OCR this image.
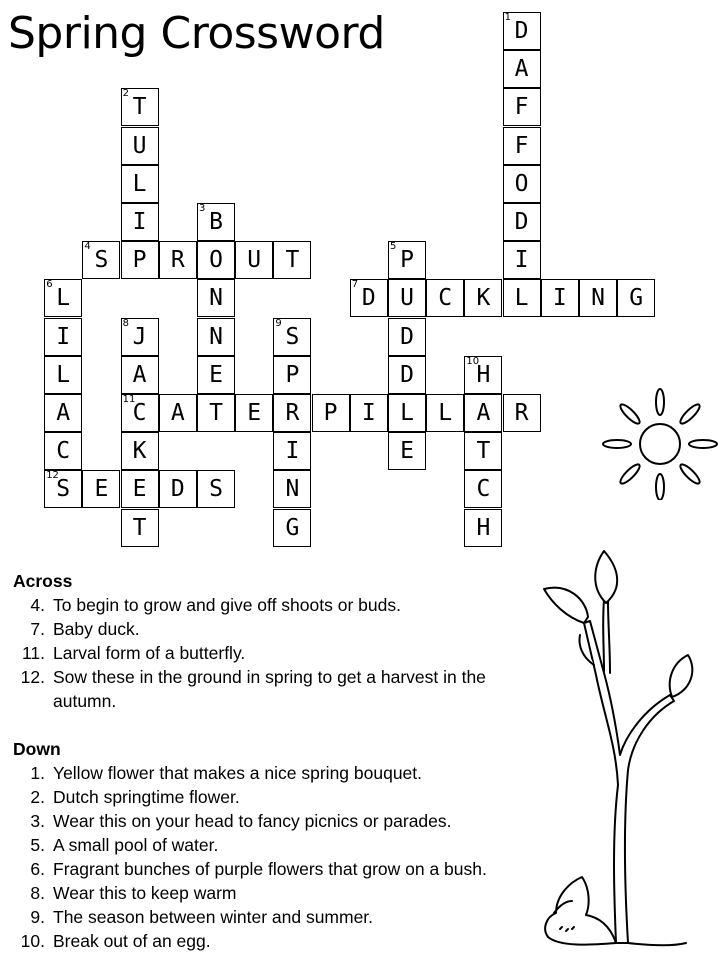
Spring Crossword	1
D
A
F
F
O
D
I
L
2
T
U
L
I
P
3
B
O
N
N
E
T
4
S	R	U	T
5
P
U
D
D
L
E
6
L
I
L
A
C
7
D	C	K	I	N	G
8
J
A
11
C
K
E
T
9
S
P
R
I
N
G
10
H
A
T
C
H
A	E	P	I	L	R
12
S	E	D	S
Across
4. To begin to grow and give off shoots or buds.
7. Baby duck.
11. Larval form of a butterfly.
12. Sow these in the ground in spring to get a harvest in the autumn.
Down
1. Yellow flower that makes a nice spring bouquet.
2. Dutch springtime flower.
3. Wear this on your head to fancy picnics or parades.
5. A small pool of water.
6. Fragrant bunches of purple flowers that grow on a bush.
8. Wear this to keep warm
9. The season between winter and summer.
10. Break out of an egg.
